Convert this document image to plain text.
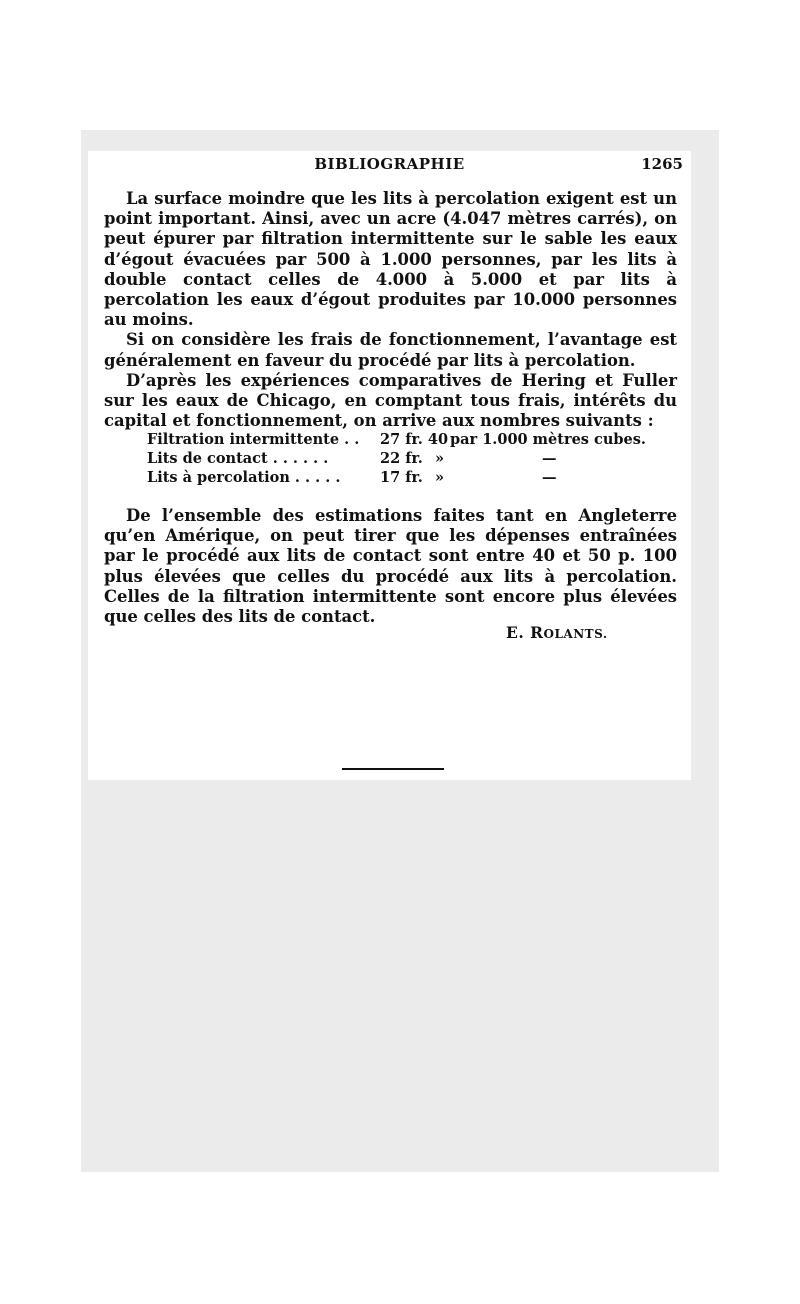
BIBLIOGRAPHIE	1265

La surface moindre que les lits à percolation exigent est un point important. Ainsi, avec un acre (4.047 mètres carrés), on peut épurer par filtration intermittente sur le sable les eaux d’égout évacuées par 500 à 1.000 personnes, par les lits à double contact celles de 4.000 à 5.000 et par lits à percolation les eaux d’égout produites par 10.000 personnes au moins.

Si on considère les frais de fonctionnement, l’avantage est généralement en faveur du procédé par lits à percolation.

D’après les expériences comparatives de Hering et Fuller sur les eaux de Chicago, en comptant tous frais, intérêts du capital et fonctionnement, on arrive aux nombres suivants :

Filtration intermittente . . 27 fr. 40 par 1.000 mètres cubes.
Lits de contact . . . . . .	22 fr. »	—
Lits à percolation . . . . .	17 fr. »	—

De l’ensemble des estimations faites tant en Angleterre qu’en Amérique, on peut tirer que les dépenses entraînées par le procédé aux lits de contact sont entre 40 et 50 p. 100 plus élevées que celles du procédé aux lits à percolation. Celles de la filtration intermittente sont encore plus élevées que celles des lits de contact.

E. ROLANTS.
